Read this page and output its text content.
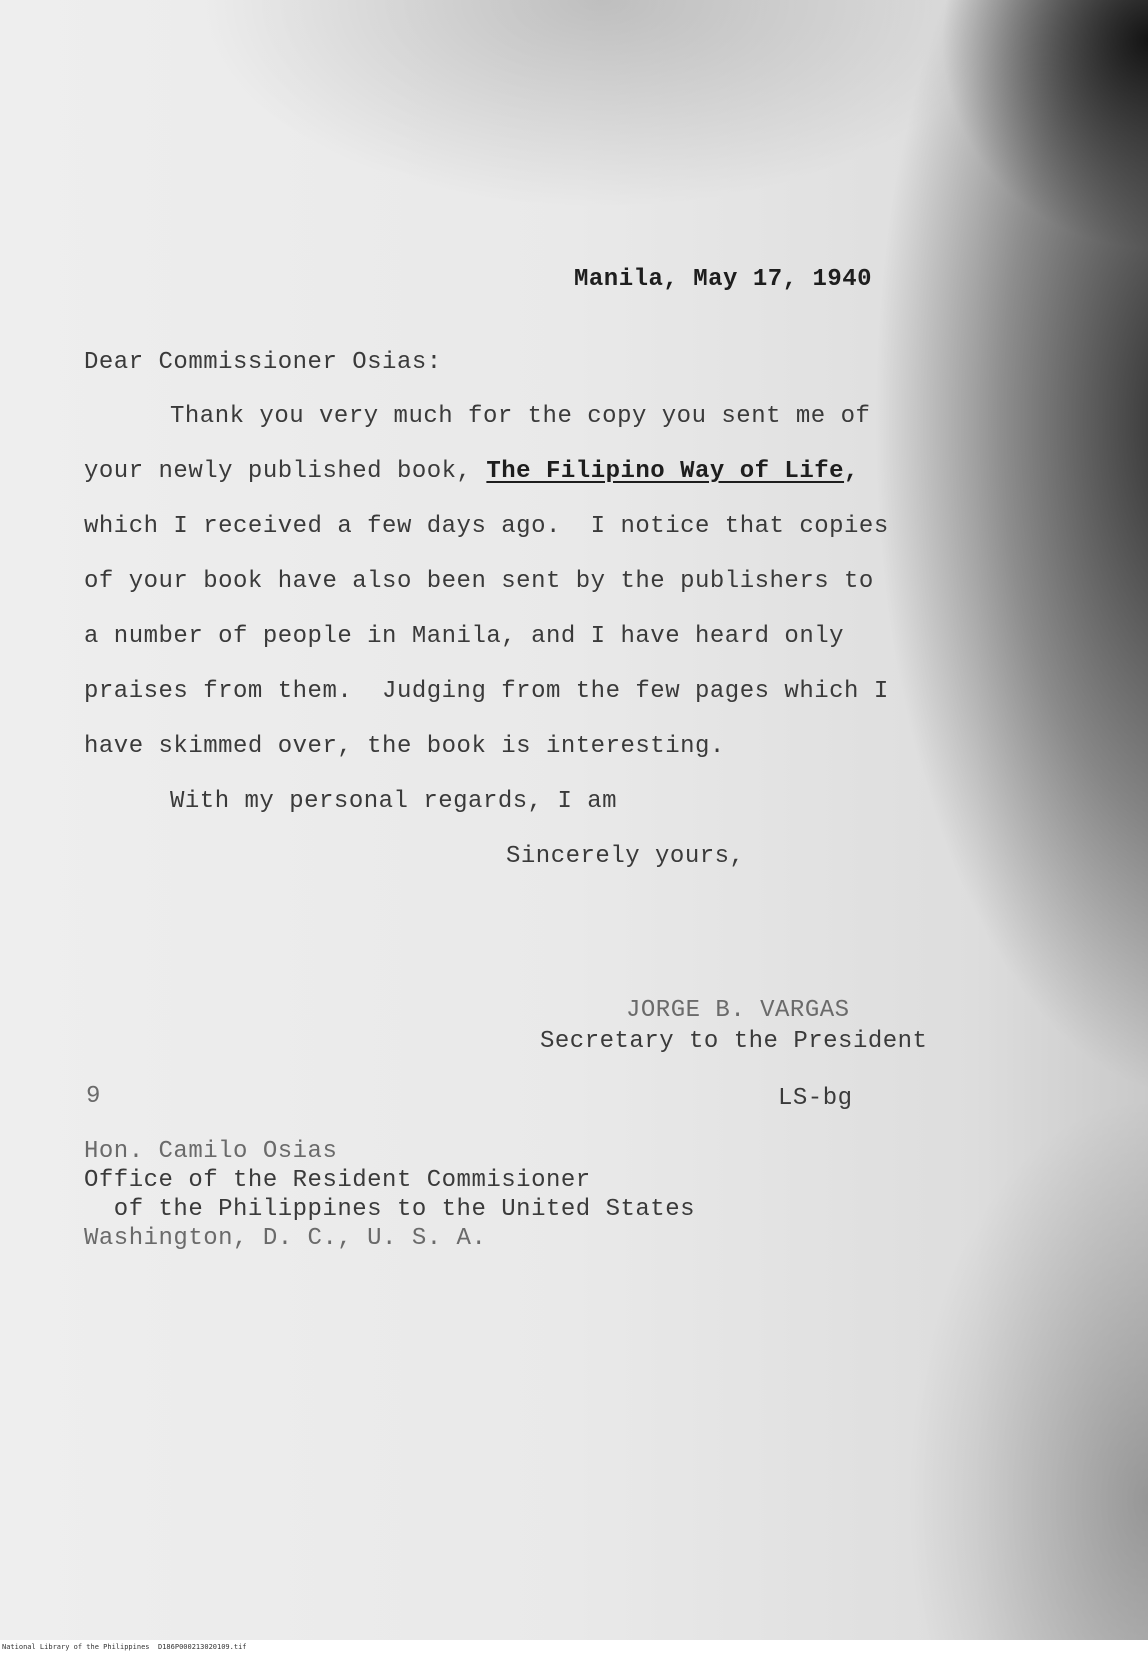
Manila, May 17, 1940

Dear Commissioner Osias:

Thank you very much for the copy you sent me of

your newly published book, The Filipino Way of Life,

which I received a few days ago.  I notice that copies

of your book have also been sent by the publishers to

a number of people in Manila, and I have heard only

praises from them.  Judging from the few pages which I

have skimmed over, the book is interesting.

With my personal regards, I am

Sincerely yours,

JORGE B. VARGAS

Secretary to the President

9	LS-bg

Hon. Camilo Osias

Office of the Resident Commisioner

of the Philippines to the United States

Washington, D. C., U. S. A.

National Library of the Philippines D186P000213020109.tif
